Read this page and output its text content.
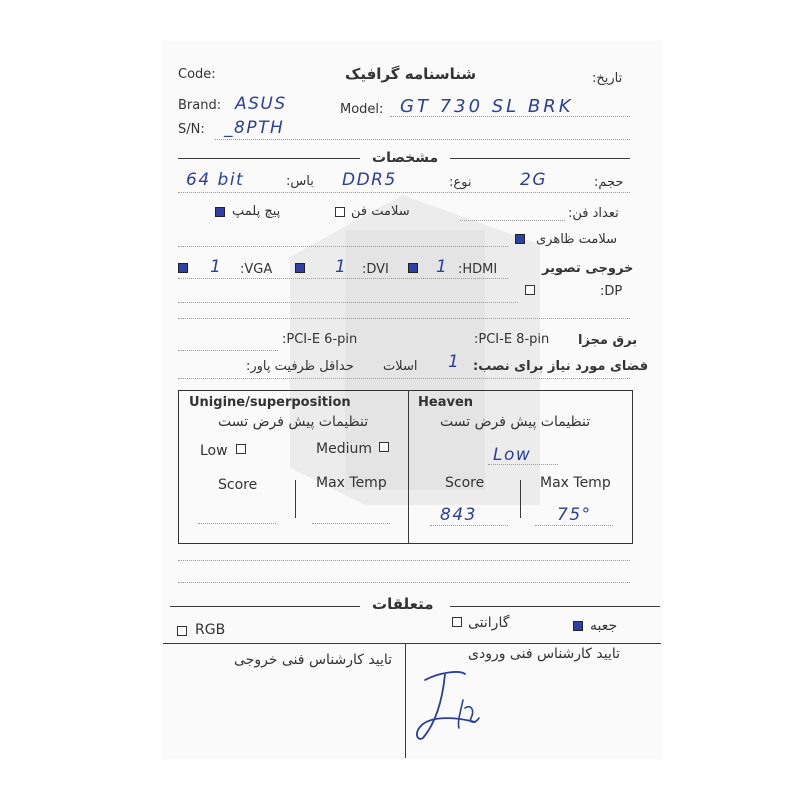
Code:	شناسنامه گرافیک	تاریخ:
Brand: ASUS	Model: GT 730 SL BRK
S/N: _8PTH
مشخصات
64 bit	باس: DDR5	نوع:	2G	حجم:
پیچ پلمپ	سلامت فن	تعداد فن:
سلامت ظاهری
1 :VGA	1 :DVI	1 :HDMI	خروجی تصویر
:DP
:PCI-E 6-pin	:PCI-E 8-pin برق مجزا
حداقل ظرفیت پاور: اسلات 1 فضای مورد نیاز برای نصب:
Unigine/superposition
تنظیمات پیش فرض تست
Low	Medium
Score	Max Temp
Heaven
تنظیمات پیش فرض تست
Low
Score	Max Temp
843	75°
متعلقات
RGB	گارانتی	جعبه
تایید کارشناس فنی خروجی	تایید کارشناس فنی ورودی
